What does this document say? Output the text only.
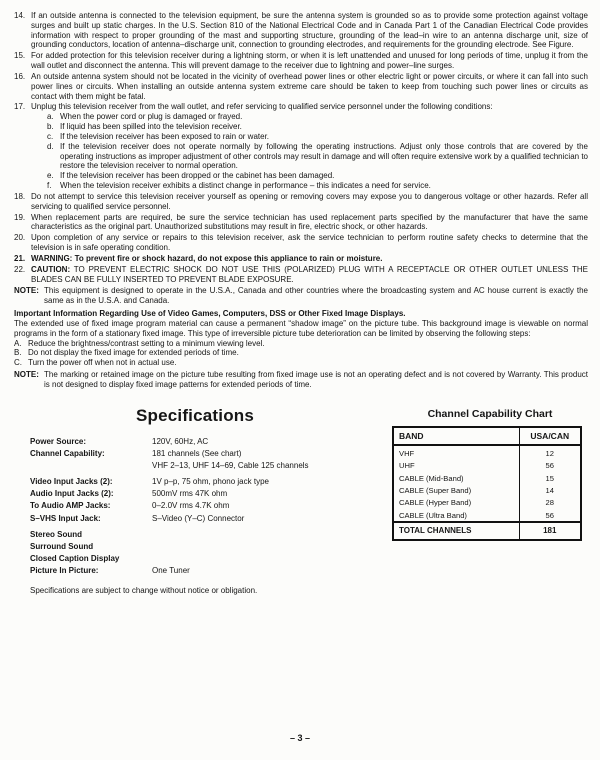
14. If an outside antenna is connected to the television equipment, be sure the antenna system is grounded so as to provide some protection against voltage surges and built up static charges. In the U.S. Section 810 of the National Electrical Code and in Canada Part 1 of the Canadian Electrical Code provides information with respect to proper grounding of the mast and supporting structure, grounding of the lead–in wire to an antenna discharge unit, size of grounding conductors, location of antenna–discharge unit, connection to grounding electrodes, and requirements for the grounding electrode. See Figure.
15. For added protection for this television receiver during a lightning storm, or when it is left unattended and unused for long periods of time, unplug it from the wall outlet and disconnect the antenna. This will prevent damage to the receiver due to lightning and power–line surges.
16. An outside antenna system should not be located in the vicinity of overhead power lines or other electric light or power circuits, or where it can fall into such power lines or circuits. When installing an outside antenna system extreme care should be taken to keep from touching such power lines or circuits as contact with them might be fatal.
17. Unplug this television receiver from the wall outlet, and refer servicing to qualified service personnel under the following conditions:
a. When the power cord or plug is damaged or frayed.
b. If liquid has been spilled into the television receiver.
c. If the television receiver has been exposed to rain or water.
d. If the television receiver does not operate normally by following the operating instructions. Adjust only those controls that are covered by the operating instructions as improper adjustment of other controls may result in damage and will often require extensive work by a qualified technician to restore the television receiver to normal operation.
e. If the television receiver has been dropped or the cabinet has been damaged.
f.	When the television receiver exhibits a distinct change in performance – this indicates a need for service.
18. Do not attempt to service this television receiver yourself as opening or removing covers may expose you to dangerous voltage or other hazards. Refer all servicing to qualified service personnel.
19. When replacement parts are required, be sure the service technician has used replacement parts specified by the manufacturer that have the same characteristics as the original part. Unauthorized substitutions may result in fire, electric shock, or other hazards.
20. Upon completion of any service or repairs to this television receiver, ask the service technician to perform routine safety checks to determine that the television is in safe operating condition.
21. WARNING: To prevent fire or shock hazard, do not expose this appliance to rain or moisture.
22. CAUTION: TO PREVENT ELECTRIC SHOCK DO NOT USE THIS (POLARIZED) PLUG WITH A RECEPTACLE OR OTHER OUTLET UNLESS THE BLADES CAN BE FULLY INSERTED TO PREVENT BLADE EXPOSURE.
NOTE: This equipment is designed to operate in the U.S.A., Canada and other countries where the broadcasting system and AC house current is exactly the same as in the U.S.A. and Canada.
Important Information Regarding Use of Video Games, Computers, DSS or Other Fixed Image Displays.
The extended use of fixed image program material can cause a permanent “shadow image” on the picture tube. This background image is viewable on normal programs in the form of a stationary fixed image. This type of irreversible picture tube deterioration can be limited by observing the following steps:
A. Reduce the brightness/contrast setting to a minimum viewing level.
B. Do not display the fixed image for extended periods of time.
C. Turn the power off when not in actual use.
NOTE: The marking or retained image on the picture tube resulting from fixed image use is not an operating defect and is not covered by Warranty. This product is not designed to display fixed image patterns for extended periods of time.
Specifications
Power Source:	120V, 60Hz, AC
Channel Capability:	181 channels (See chart)
VHF 2–13, UHF 14–69, Cable 125 channels
Video Input Jacks (2):	1V p–p, 75 ohm, phono jack type
Audio Input Jacks (2):	500mV rms 47K ohm
To Audio AMP Jacks:	0–2.0V rms 4.7K ohm
S–VHS Input Jack:	S–Video (Y–C) Connector
Stereo Sound
Surround Sound
Closed Caption Display
Picture In Picture:	One Tuner
Specifications are subject to change without notice or obligation.
Channel Capability Chart
BAND	USA/CAN
VHF	12
UHF	56
CABLE (Mid-Band)	15
CABLE (Super Band)	14
CABLE (Hyper Band)	28
CABLE (Ultra Band)	56
TOTAL CHANNELS	181
– 3 –
